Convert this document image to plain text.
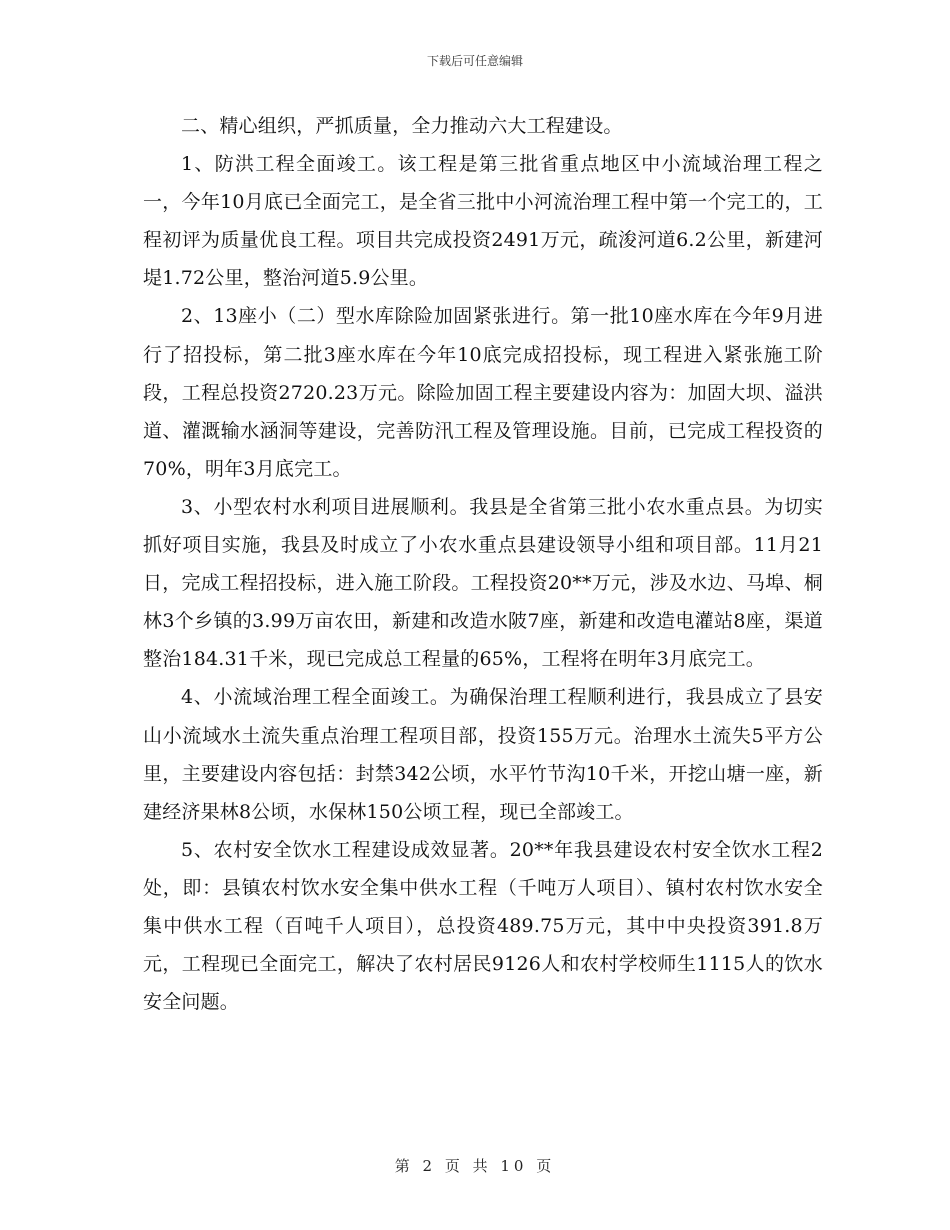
下载后可任意编辑

二、精心组织，严抓质量，全力推动六大工程建设。

1、防洪工程全面竣工。该工程是第三批省重点地区中小流域治理工程之一，今年10月底已全面完工，是全省三批中小河流治理工程中第一个完工的，工程初评为质量优良工程。项目共完成投资2491万元，疏浚河道6.2公里，新建河堤1.72公里，整治河道5.9公里。

2、13座小（二）型水库除险加固紧张进行。第一批10座水库在今年9月进行了招投标，第二批3座水库在今年10底完成招投标，现工程进入紧张施工阶段，工程总投资2720.23万元。除险加固工程主要建设内容为：加固大坝、溢洪道、灌溉输水涵洞等建设，完善防汛工程及管理设施。目前，已完成工程投资的70%，明年3月底完工。

3、小型农村水利项目进展顺利。我县是全省第三批小农水重点县。为切实抓好项目实施，我县及时成立了小农水重点县建设领导小组和项目部。11月21日，完成工程招投标，进入施工阶段。工程投资20**万元，涉及水边、马埠、桐林3个乡镇的3.99万亩农田，新建和改造水陂7座，新建和改造电灌站8座，渠道整治184.31千米，现已完成总工程量的65%，工程将在明年3月底完工。

4、小流域治理工程全面竣工。为确保治理工程顺利进行，我县成立了县安山小流域水土流失重点治理工程项目部，投资155万元。治理水土流失5平方公里，主要建设内容包括：封禁342公顷，水平竹节沟10千米，开挖山塘一座，新建经济果林8公顷，水保林150公顷工程，现已全部竣工。

5、农村安全饮水工程建设成效显著。20**年我县建设农村安全饮水工程2处，即：县镇农村饮水安全集中供水工程（千吨万人项目）、镇村农村饮水安全集中供水工程（百吨千人项目），总投资489.75万元，其中中央投资391.8万元，工程现已全面完工，解决了农村居民9126人和农村学校师生1115人的饮水安全问题。

第 2 页 共 10 页
